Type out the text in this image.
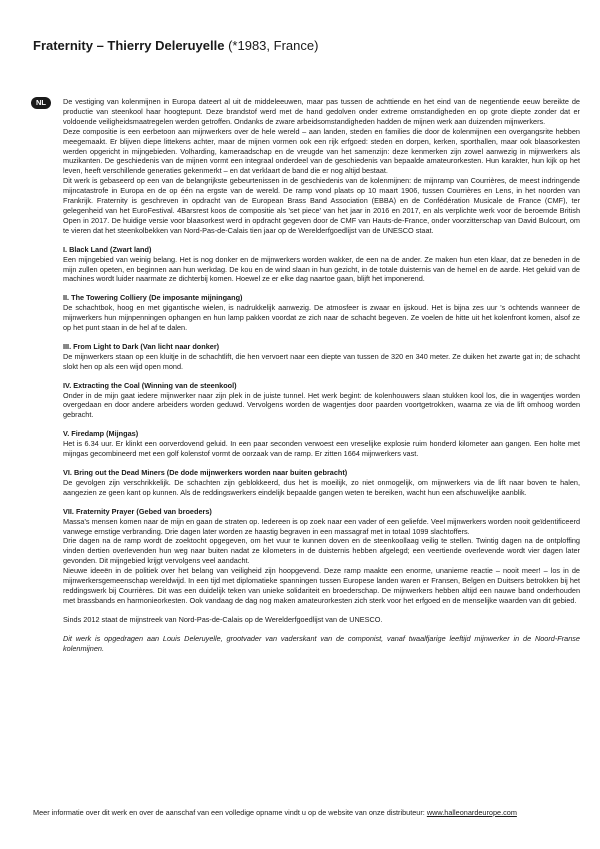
Fraternity – Thierry Deleruyelle (*1983, France)
NL	De vestiging van kolenmijnen in Europa dateert al uit de middeleeuwen, maar pas tussen de achttiende en het eind van de negentiende eeuw bereikte de productie van steenkool haar hoogtepunt. Deze brandstof werd met de hand gedolven onder extreme omstandigheden en op grote diepte zonder dat er voldoende veiligheidsmaatregelen werden getroffen. Ondanks de zware arbeidsomstandigheden hadden de mijnen werk aan duizenden mijnwerkers.

Deze compositie is een eerbetoon aan mijnwerkers over de hele wereld – aan landen, steden en families die door de kolenmijnen een overgangsrite hebben meegemaakt. Er blijven diepe littekens achter, maar de mijnen vormen ook een rijk erfgoed: steden en dorpen, kerken, sporthallen, maar ook blaasorkesten werden opgericht in mijngebieden. Volharding, kameraadschap en de vreugde van het samenzijn: deze kenmerken zijn zowel aanwezig in mijnwerkers als muzikanten. De geschiedenis van de mijnen vormt een integraal onderdeel van de geschiedenis van bepaalde amateurorkesten. Hun karakter, hun kijk op het leven, heeft verschillende generaties gekenmerkt – en dat verklaart de band die er nog altijd bestaat.

Dit werk is gebaseerd op een van de belangrijkste gebeurtenissen in de geschiedenis van de kolenmijnen: de mijnramp van Courrières, de meest indringende mijncatastrofe in Europa en de op één na ergste van de wereld. De ramp vond plaats op 10 maart 1906, tussen Courrières en Lens, in het noorden van Frankrijk. Fraternity is geschreven in opdracht van de European Brass Band Association (EBBA) en de Confédération Musicale de France (CMF), ter gelegenheid van het EuroFestival. 4Barsrest koos de compositie als 'set piece' van het jaar in 2016 en 2017, en als verplichte werk voor de beroemde British Open in 2017. De huidige versie voor blaasorkest werd in opdracht gegeven door de CMF van Hauts-de-France, onder voorzitterschap van David Bulcourt, om te vieren dat het steenkolbekken van Nord-Pas-de-Calais tien jaar op de Werelderfgoedlijst van de UNESCO staat.

I. Black Land (Zwart land)

Een mijngebied van weinig belang. Het is nog donker en de mijnwerkers worden wakker, de een na de ander. Ze maken hun eten klaar, dat ze beneden in de mijn zullen opeten, en beginnen aan hun werkdag. De kou en de wind slaan in hun gezicht, in de totale duisternis van de hemel en de aarde. Het geluid van de machines wordt luider naarmate ze dichterbij komen. Hoewel ze er elke dag naartoe gaan, blijft het imponerend.

II. The Towering Colliery (De imposante mijningang)

De schachtbok, hoog en met gigantische wielen, is nadrukkelijk aanwezig. De atmosfeer is zwaar en ijskoud. Het is bijna zes uur 's ochtends wanneer de mijnwerkers hun mijnpenningen ophangen en hun lamp pakken voordat ze zich naar de schacht begeven. Ze voelen de hitte uit het kolenfront komen, alsof ze op het punt staan in de hel af te dalen.

III. From Light to Dark (Van licht naar donker)

De mijnwerkers staan op een kluitje in de schachtlift, die hen vervoert naar een diepte van tussen de 320 en 340 meter. Ze duiken het zwarte gat in; de schacht slokt hen op als een wijd open mond.

IV. Extracting the Coal (Winning van de steenkool)

Onder in de mijn gaat iedere mijnwerker naar zijn plek in de juiste tunnel. Het werk begint: de kolenhouwers slaan stukken kool los, die in wagentjes worden overgedaan en door andere arbeiders worden geduwd. Vervolgens worden de wagentjes door paarden voortgetrokken, waarna ze via de lift omhoog worden gebracht.

V. Firedamp (Mijngas)

Het is 6.34 uur. Er klinkt een oorverdovend geluid. In een paar seconden verwoest een vreselijke explosie ruim honderd kilometer aan gangen. Een holte met mijngas gecombineerd met een golf kolenstof vormt de oorzaak van de ramp. Er zitten 1664 mijnwerkers vast.

VI. Bring out the Dead Miners (De dode mijnwerkers worden naar buiten gebracht)

De gevolgen zijn verschrikkelijk. De schachten zijn geblokkeerd, dus het is moeilijk, zo niet onmogelijk, om mijnwerkers via de lift naar boven te halen, aangezien ze geen kant op kunnen. Als de reddingswerkers eindelijk bepaalde gangen weten te bereiken, wacht hun een afschuwelijke aanblik.

VII. Fraternity Prayer (Gebed van broeders)

Massa's mensen komen naar de mijn en gaan de straten op. Iedereen is op zoek naar een vader of een geliefde. Veel mijnwerkers worden nooit geïdentificeerd vanwege ernstige verbranding. Drie dagen later worden ze haastig begraven in een massagraf met in totaal 1099 slachtoffers.

Drie dagen na de ramp wordt de zoektocht opgegeven, om het vuur te kunnen doven en de steenkoollaag veilig te stellen. Twintig dagen na de ontploffing vinden dertien overlevenden hun weg naar buiten nadat ze kilometers in de duisternis hebben afgelegd; een veertiende overlevende wordt vier dagen later gevonden. Dit mijngebied krijgt vervolgens veel aandacht.

Nieuwe ideeën in de politiek over het belang van veiligheid zijn hoopgevend. Deze ramp maakte een enorme, unanieme reactie – nooit meer! – los in de mijnwerkersgemeenschap wereldwijd. In een tijd met diplomatieke spanningen tussen Europese landen waren er Fransen, Belgen en Duitsers betrokken bij het reddingswerk bij Courrières. Dit was een duidelijk teken van unieke solidariteit en broederschap. De mijnwerkers hebben altijd een nauwe band onderhouden met brassbands en harmonieorkesten. Ook vandaag de dag nog maken amateurorkesten zich sterk voor het erfgoed en de menselijke waarden van dit gebied.

Sinds 2012 staat de mijnstreek van Nord-Pas-de-Calais op de Werelderfgoedlijst van de UNESCO.

Dit werk is opgedragen aan Louis Deleruyelle, grootvader van vaderskant van de componist, vanaf twaalfjarige leeftijd mijnwerker in de Noord-Franse kolenmijnen.

Meer informatie over dit werk en over de aanschaf van een volledige opname vindt u op de website van onze distributeur: www.halleonardeurope.com
